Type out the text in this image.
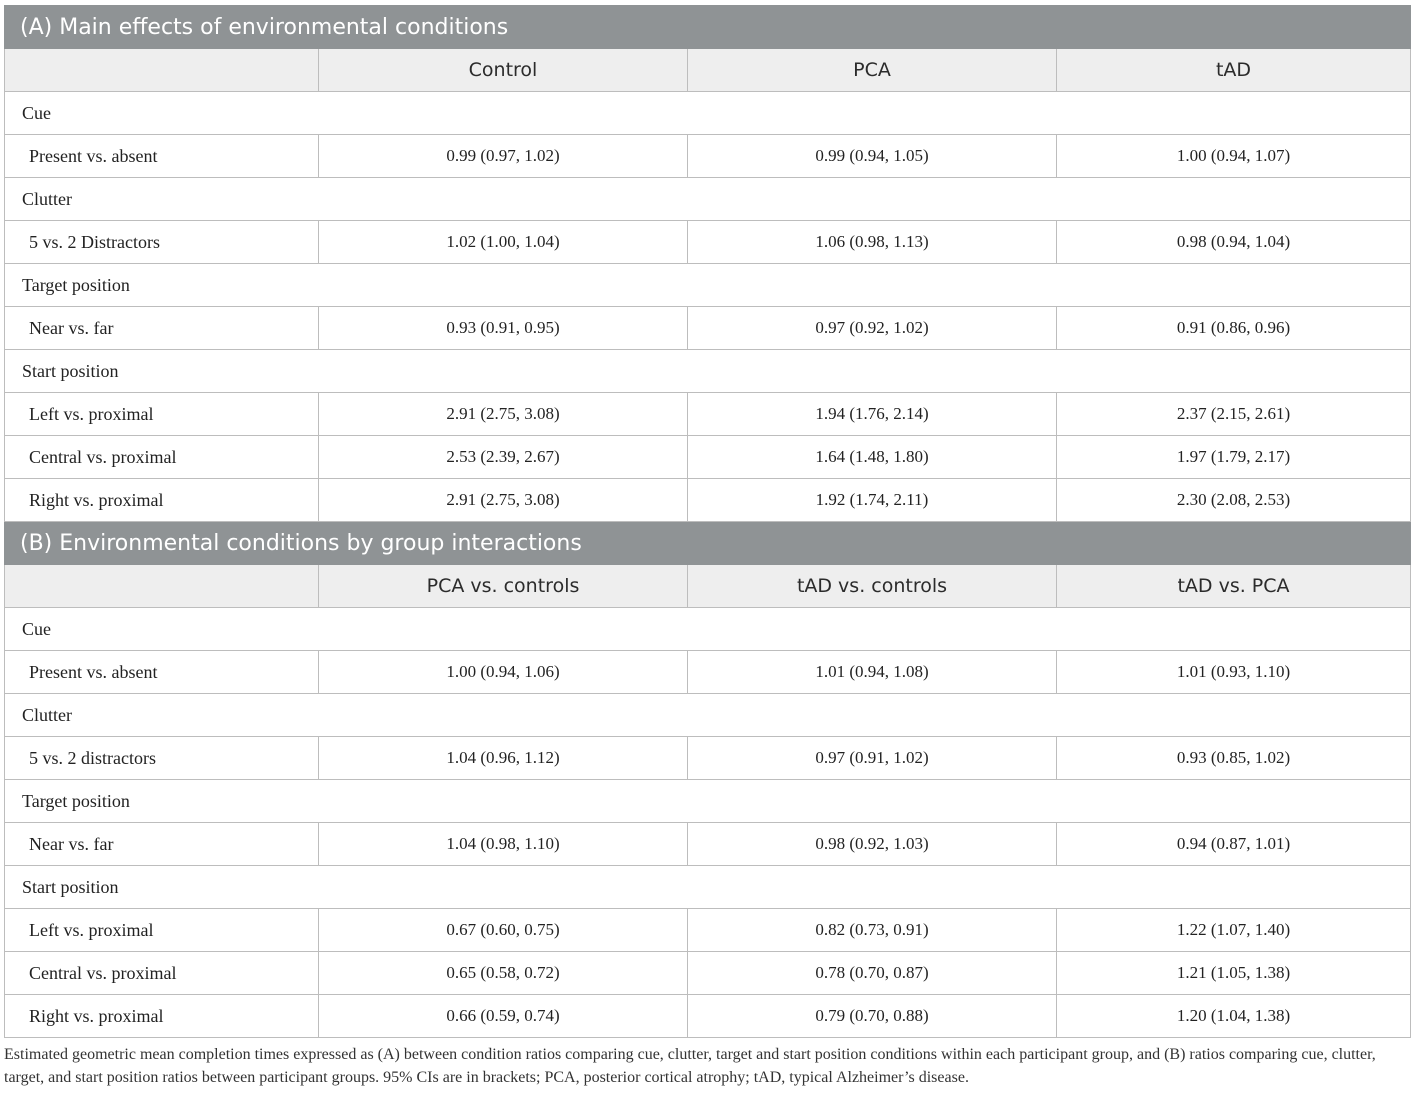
(A) Main effects of environmental conditions			
	Control	PCA	tAD
Cue			
Present vs. absent	0.99 (0.97, 1.02)	0.99 (0.94, 1.05)	1.00 (0.94, 1.07)
Clutter			
5 vs. 2 Distractors	1.02 (1.00, 1.04)	1.06 (0.98, 1.13)	0.98 (0.94, 1.04)
Target position			
Near vs. far	0.93 (0.91, 0.95)	0.97 (0.92, 1.02)	0.91 (0.86, 0.96)
Start position			
Left vs. proximal	2.91 (2.75, 3.08)	1.94 (1.76, 2.14)	2.37 (2.15, 2.61)
Central vs. proximal	2.53 (2.39, 2.67)	1.64 (1.48, 1.80)	1.97 (1.79, 2.17)
Right vs. proximal	2.91 (2.75, 3.08)	1.92 (1.74, 2.11)	2.30 (2.08, 2.53)
(B) Environmental conditions by group interactions			
	PCA vs. controls	tAD vs. controls	tAD vs. PCA
Cue			
Present vs. absent	1.00 (0.94, 1.06)	1.01 (0.94, 1.08)	1.01 (0.93, 1.10)
Clutter			
5 vs. 2 distractors	1.04 (0.96, 1.12)	0.97 (0.91, 1.02)	0.93 (0.85, 1.02)
Target position			
Near vs. far	1.04 (0.98, 1.10)	0.98 (0.92, 1.03)	0.94 (0.87, 1.01)
Start position			
Left vs. proximal	0.67 (0.60, 0.75)	0.82 (0.73, 0.91)	1.22 (1.07, 1.40)
Central vs. proximal	0.65 (0.58, 0.72)	0.78 (0.70, 0.87)	1.21 (1.05, 1.38)
Right vs. proximal	0.66 (0.59, 0.74)	0.79 (0.70, 0.88)	1.20 (1.04, 1.38)
Estimated geometric mean completion times expressed as (A) between condition ratios comparing cue, clutter, target and start position conditions within each participant group, and (B) ratios comparing cue, clutter, target, and start position ratios between participant groups. 95% CIs are in brackets; PCA, posterior cortical atrophy; tAD, typical Alzheimer’s disease.
